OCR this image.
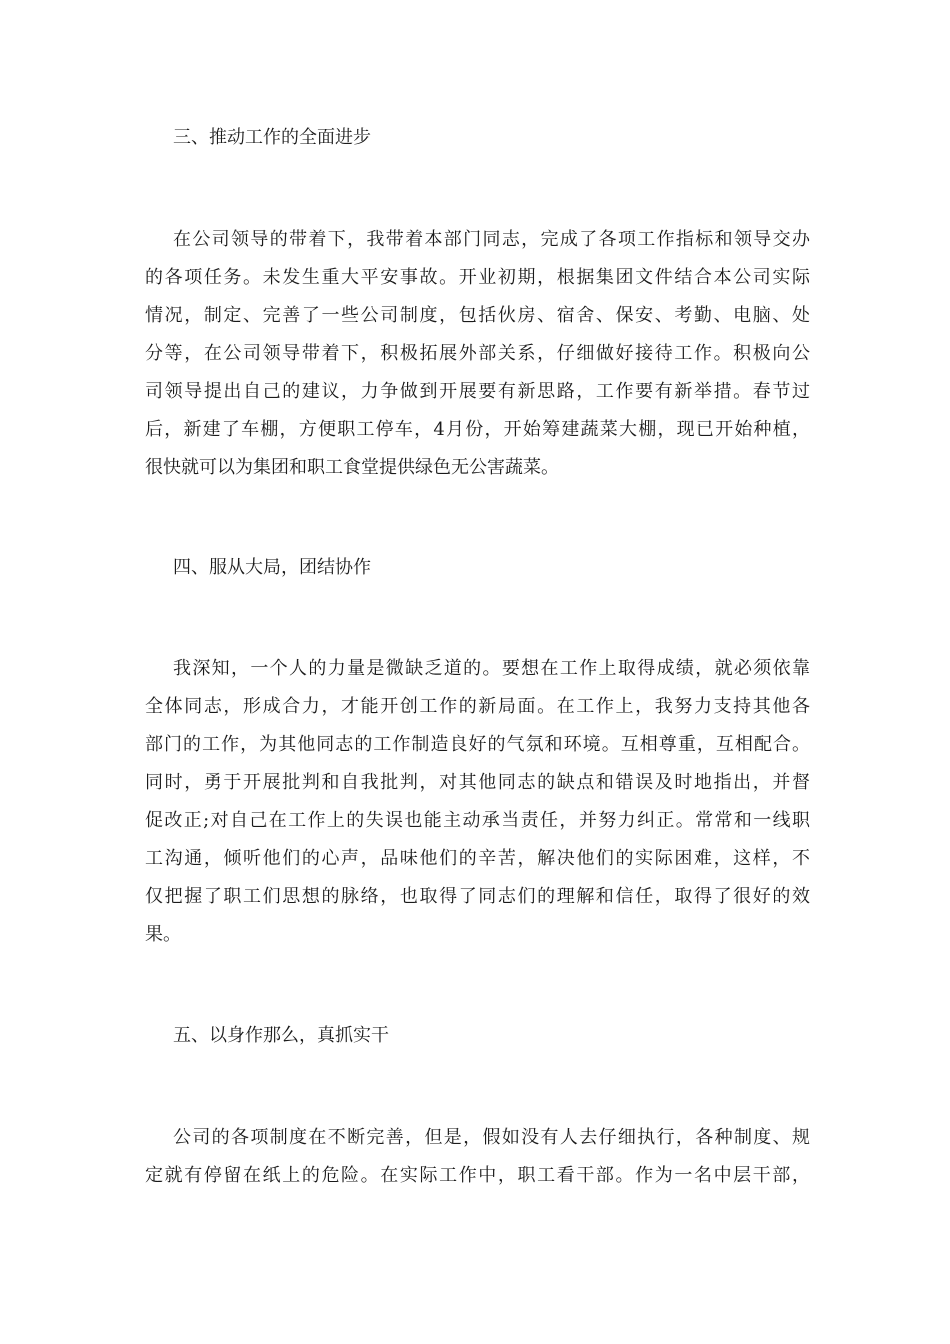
三、推动工作的全面进步
在公司领导的带着下，我带着本部门同志，完成了各项工作指标和领导交办
的各项任务。未发生重大平安事故。开业初期，根据集团文件结合本公司实际
情况，制定、完善了一些公司制度，包括伙房、宿舍、保安、考勤、电脑、处
分等，在公司领导带着下，积极拓展外部关系，仔细做好接待工作。积极向公
司领导提出自己的建议，力争做到开展要有新思路，工作要有新举措。春节过
后，新建了车棚，方便职工停车，4月份，开始筹建蔬菜大棚，现已开始种植，
很快就可以为集团和职工食堂提供绿色无公害蔬菜。
四、服从大局，团结协作
我深知，一个人的力量是微缺乏道的。要想在工作上取得成绩，就必须依靠
全体同志，形成合力，才能开创工作的新局面。在工作上，我努力支持其他各
部门的工作，为其他同志的工作制造良好的气氛和环境。互相尊重，互相配合。
同时，勇于开展批判和自我批判，对其他同志的缺点和错误及时地指出，并督
促改正;对自己在工作上的失误也能主动承当责任，并努力纠正。常常和一线职
工沟通，倾听他们的心声，品味他们的辛苦，解决他们的实际困难，这样，不
仅把握了职工们思想的脉络，也取得了同志们的理解和信任，取得了很好的效
果。
五、以身作那么，真抓实干
公司的各项制度在不断完善，但是，假如没有人去仔细执行，各种制度、规
定就有停留在纸上的危险。在实际工作中，职工看干部。作为一名中层干部，
